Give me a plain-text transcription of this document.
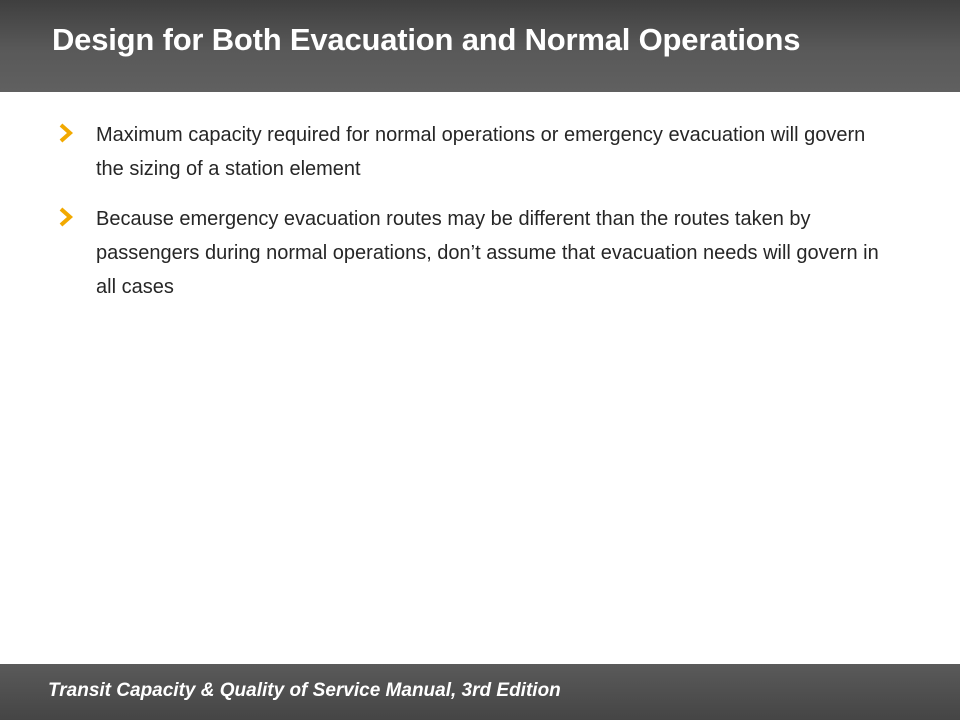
Design for Both Evacuation and Normal Operations
Maximum capacity required for normal operations or emergency evacuation will govern the sizing of a station element
Because emergency evacuation routes may be different than the routes taken by passengers during normal operations, don’t assume that evacuation needs will govern in all cases
Transit Capacity & Quality of Service Manual, 3rd Edition
